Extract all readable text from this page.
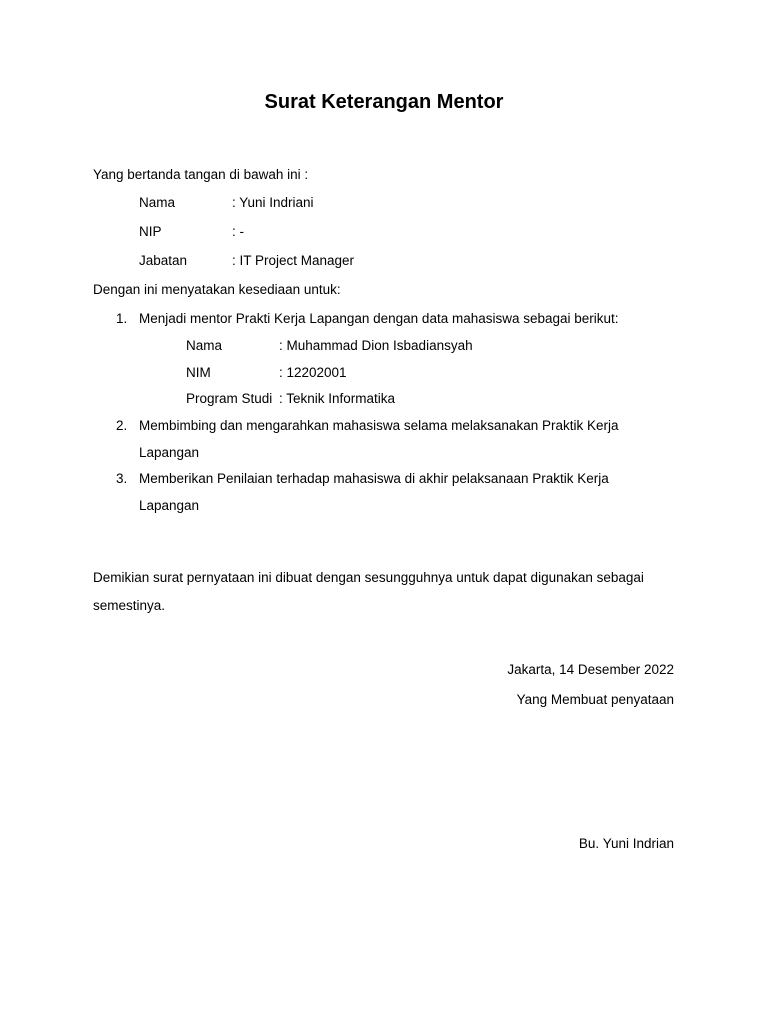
Surat Keterangan Mentor
Yang bertanda tangan di bawah ini :
Nama	: Yuni Indriani
NIP	: -
Jabatan	: IT Project Manager
Dengan ini menyatakan kesediaan untuk:
1. Menjadi mentor Prakti Kerja Lapangan dengan data mahasiswa sebagai berikut:
Nama	: Muhammad Dion Isbadiansyah
NIM	: 12202001
Program Studi : Teknik Informatika
2. Membimbing dan mengarahkan mahasiswa selama melaksanakan Praktik Kerja
Lapangan
3. Memberikan Penilaian terhadap mahasiswa di akhir pelaksanaan Praktik Kerja
Lapangan
Demikian surat pernyataan ini dibuat dengan sesungguhnya untuk dapat digunakan sebagai
semestinya.
Jakarta, 14 Desember 2022
Yang Membuat penyataan
Bu. Yuni Indrian
